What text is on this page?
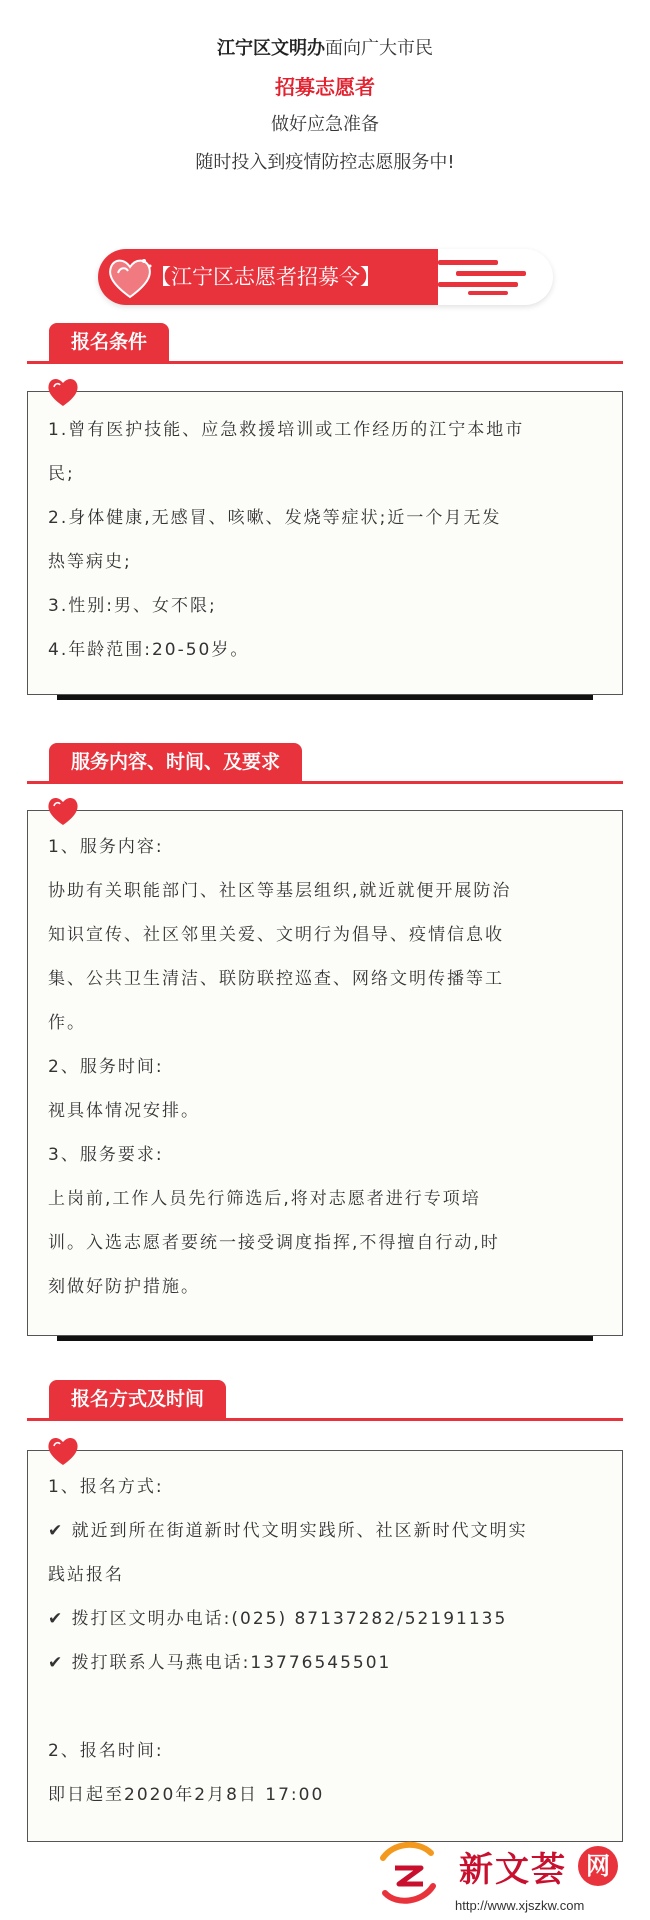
江宁区文明办面向广大市民

招募志愿者

做好应急准备

随时投入到疫情防控志愿服务中!

【江宁区志愿者招募令】
报名条件

1.曾有医护技能、应急救援培训或工作经历的江宁本地市

民;

2.身体健康,无感冒、咳嗽、发烧等症状;近一个月无发

热等病史;

3.性别:男、女不限;

4.年龄范围:20-50岁。

服务内容、时间、及要求

1、服务内容:

协助有关职能部门、社区等基层组织,就近就便开展防治

知识宣传、社区邻里关爱、文明行为倡导、疫情信息收

集、公共卫生清洁、联防联控巡查、网络文明传播等工

作。

2、服务时间:

视具体情况安排。

3、服务要求:

上岗前,工作人员先行筛选后,将对志愿者进行专项培

训。入选志愿者要统一接受调度指挥,不得擅自行动,时

刻做好防护措施。

报名方式及时间

1、报名方式:

✔ 就近到所在街道新时代文明实践所、社区新时代文明实

践站报名

✔ 拨打区文明办电话:(025) 87137282/52191135

✔ 拨打联系人马燕电话:13776545501

2、报名时间:

即日起至2020年2月8日 17:00

新文荟 网
http://www.xjszkw.com
